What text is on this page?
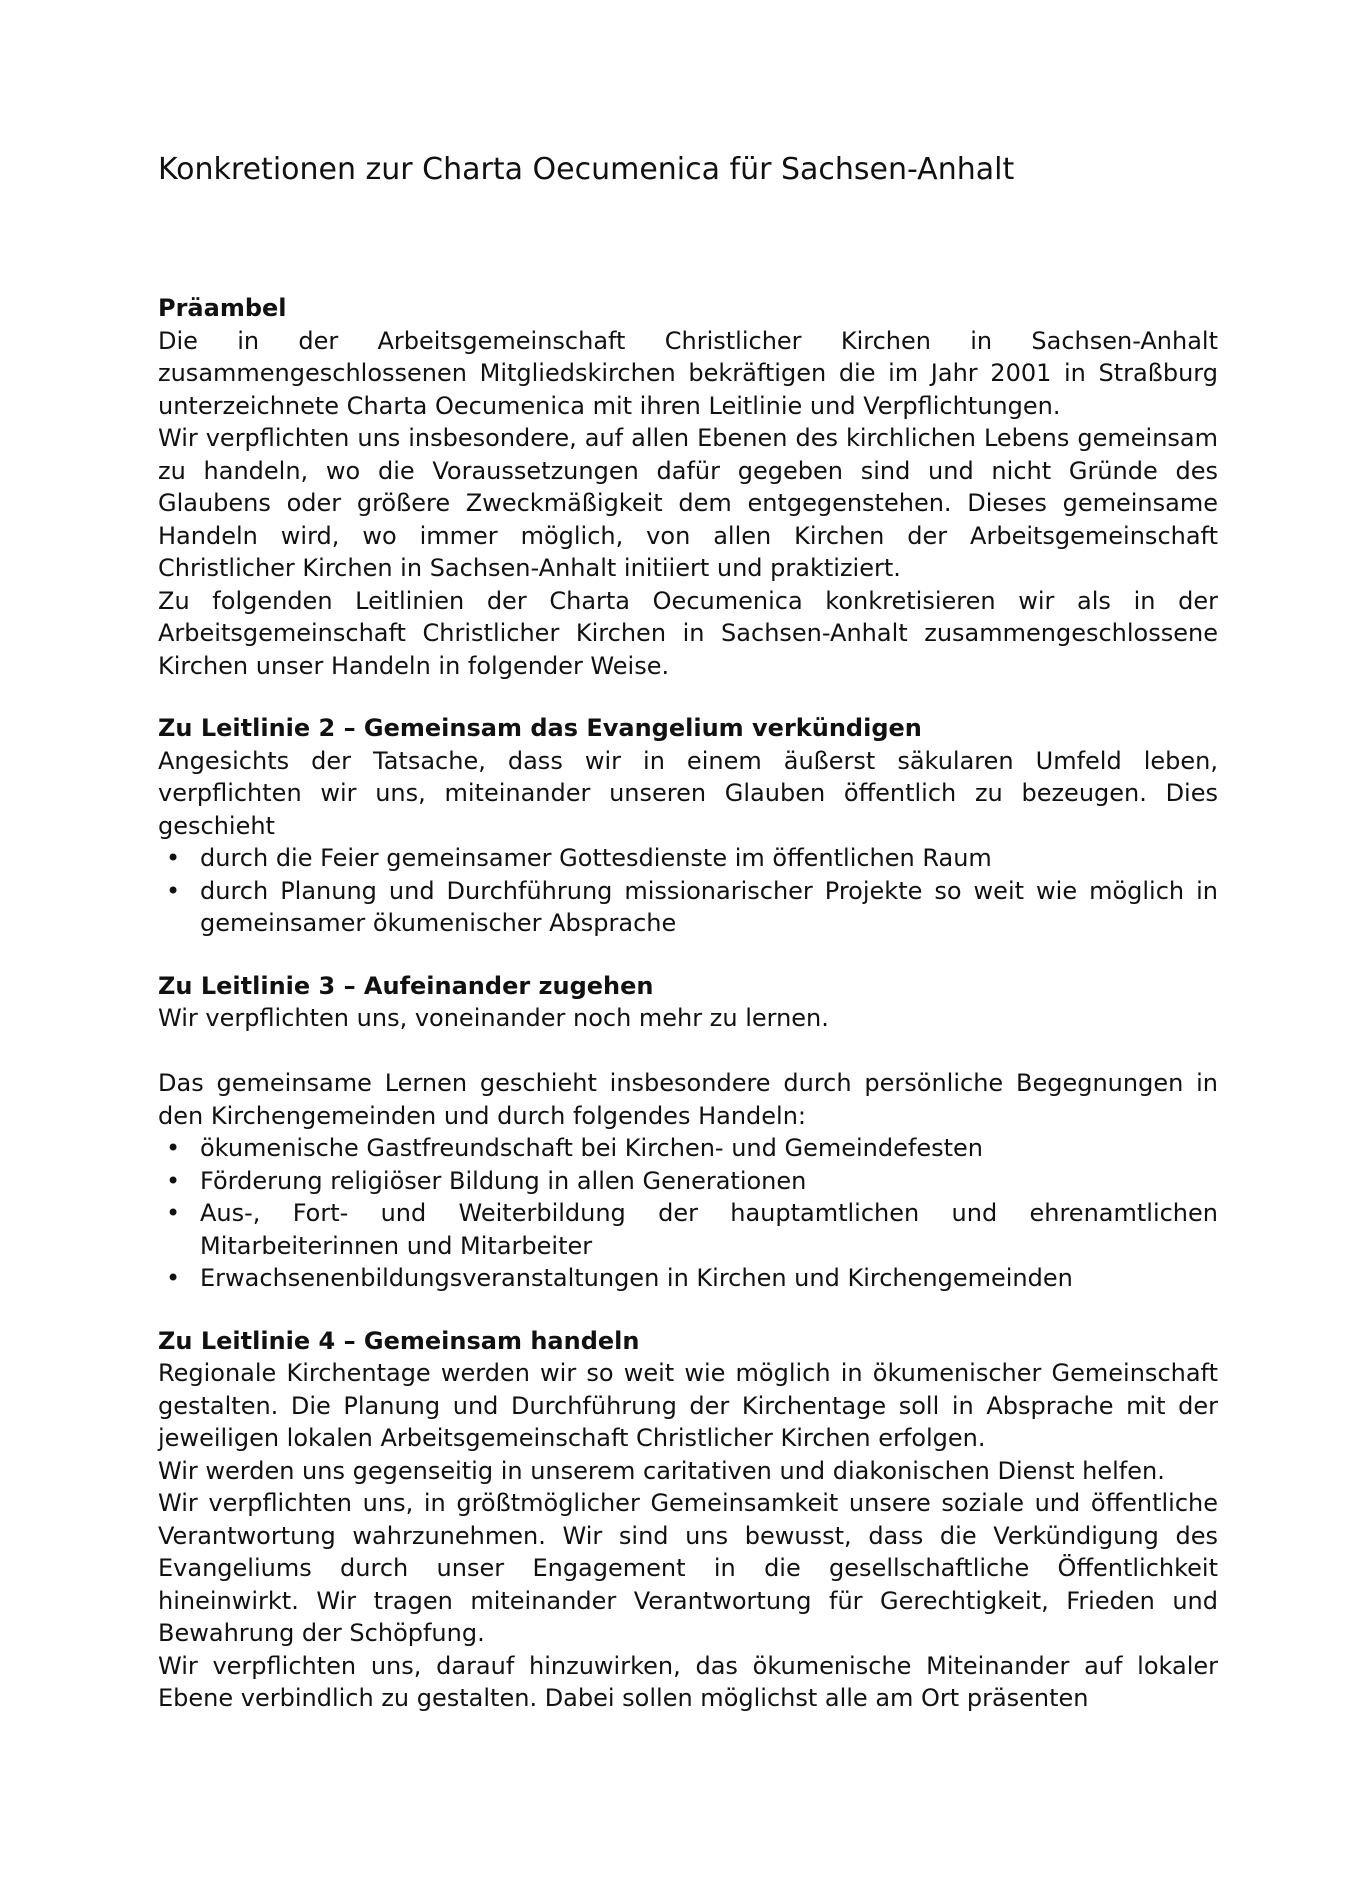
Konkretionen zur Charta Oecumenica für Sachsen-Anhalt
Präambel

Die in der Arbeitsgemeinschaft Christlicher Kirchen in Sachsen-Anhalt zusammengeschlossenen Mitgliedskirchen bekräftigen die im Jahr 2001 in Straßburg unterzeichnete Charta Oecumenica mit ihren Leitlinie und Verpflichtungen.

Wir verpflichten uns insbesondere, auf allen Ebenen des kirchlichen Lebens gemeinsam zu handeln, wo die Voraussetzungen dafür gegeben sind und nicht Gründe des Glaubens oder größere Zweckmäßigkeit dem entgegenstehen. Dieses gemeinsame Handeln wird, wo immer möglich, von allen Kirchen der Arbeitsgemeinschaft Christlicher Kirchen in Sachsen-Anhalt initiiert und praktiziert.

Zu folgenden Leitlinien der Charta Oecumenica konkretisieren wir als in der Arbeitsgemeinschaft Christlicher Kirchen in Sachsen-Anhalt zusammengeschlossene Kirchen unser Handeln in folgender Weise.

Zu Leitlinie 2 – Gemeinsam das Evangelium verkündigen

Angesichts der Tatsache, dass wir in einem äußerst säkularen Umfeld leben, verpflichten wir uns, miteinander unseren Glauben öffentlich zu bezeugen. Dies geschieht

• durch die Feier gemeinsamer Gottesdienste im öffentlichen Raum
• durch Planung und Durchführung missionarischer Projekte so weit wie möglich in gemeinsamer ökumenischer Absprache
Zu Leitlinie 3 – Aufeinander zugehen

Wir verpflichten uns, voneinander noch mehr zu lernen.

Das gemeinsame Lernen geschieht insbesondere durch persönliche Begegnungen in den Kirchengemeinden und durch folgendes Handeln:

• ökumenische Gastfreundschaft bei Kirchen- und Gemeindefesten
• Förderung religiöser Bildung in allen Generationen
• Aus-, Fort- und Weiterbildung der hauptamtlichen und ehrenamtlichen Mitarbeiterinnen und Mitarbeiter
• Erwachsenenbildungsveranstaltungen in Kirchen und Kirchengemeinden
Zu Leitlinie 4 – Gemeinsam handeln

Regionale Kirchentage werden wir so weit wie möglich in ökumenischer Gemeinschaft gestalten. Die Planung und Durchführung der Kirchentage soll in Absprache mit der jeweiligen lokalen Arbeitsgemeinschaft Christlicher Kirchen erfolgen.

Wir werden uns gegenseitig in unserem caritativen und diakonischen Dienst helfen.

Wir verpflichten uns, in größtmöglicher Gemeinsamkeit unsere soziale und öffentliche Verantwortung wahrzunehmen. Wir sind uns bewusst, dass die Verkündigung des Evangeliums durch unser Engagement in die gesellschaftliche Öffentlichkeit hineinwirkt. Wir tragen miteinander Verantwortung für Gerechtigkeit, Frieden und Bewahrung der Schöpfung.

Wir verpflichten uns, darauf hinzuwirken, das ökumenische Miteinander auf lokaler Ebene verbindlich zu gestalten. Dabei sollen möglichst alle am Ort präsenten
